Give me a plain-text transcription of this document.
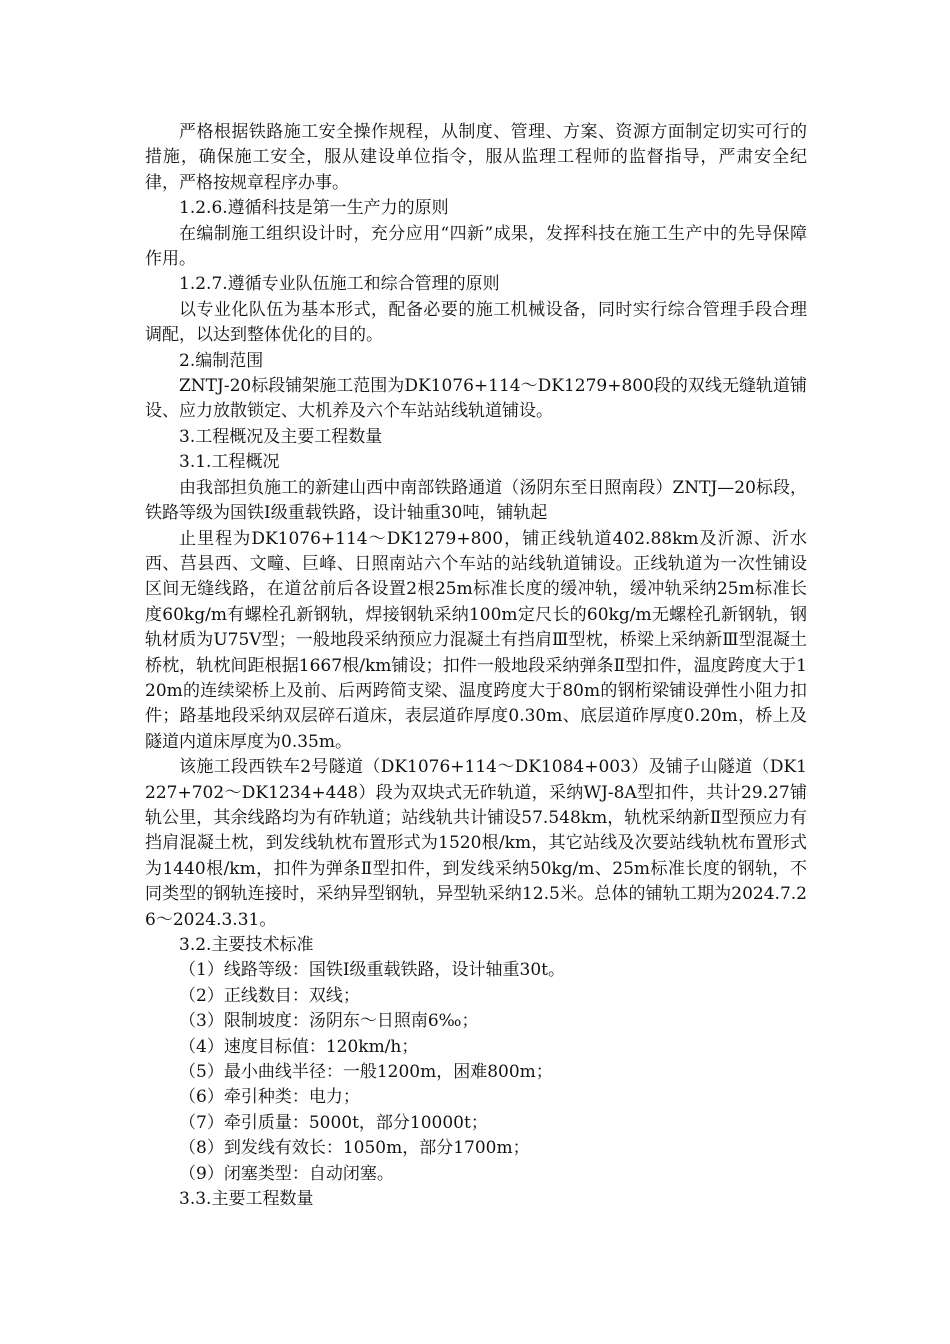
严格根据铁路施工安全操作规程，从制度、管理、方案、资源方面制定切实可行的措施，确保施工安全，服从建设单位指令，服从监理工程师的监督指导，严肃安全纪律，严格按规章程序办事。

1.2.6.遵循科技是第一生产力的原则

在编制施工组织设计时，充分应用“四新”成果，发挥科技在施工生产中的先导保障作用。

1.2.7.遵循专业队伍施工和综合管理的原则

以专业化队伍为基本形式，配备必要的施工机械设备，同时实行综合管理手段合理调配，以达到整体优化的目的。

2.编制范围

ZNTJ-20标段铺架施工范围为DK1076+114～DK1279+800段的双线无缝轨道铺设、应力放散锁定、大机养及六个车站站线轨道铺设。

3.工程概况及主要工程数量

3.1.工程概况

由我部担负施工的新建山西中南部铁路通道（汤阴东至日照南段）ZNTJ—20标段，铁路等级为国铁Ⅰ级重载铁路，设计轴重30吨，铺轨起

止里程为DK1076+114～DK1279+800，铺正线轨道402.88km及沂源、沂水西、莒县西、文疃、巨峰、日照南站六个车站的站线轨道铺设。正线轨道为一次性铺设区间无缝线路，在道岔前后各设置2根25m标准长度的缓冲轨，缓冲轨采纳25m标准长度60kg/m有螺栓孔新钢轨，焊接钢轨采纳100m定尺长的60kg/m无螺栓孔新钢轨，钢轨材质为U75V型；一般地段采纳预应力混凝土有挡肩Ⅲ型枕，桥梁上采纳新Ⅲ型混凝土桥枕，轨枕间距根据1667根/km铺设；扣件一般地段采纳弹条Ⅱ型扣件，温度跨度大于120m的连续梁桥上及前、后两跨简支梁、温度跨度大于80m的钢桁梁铺设弹性小阻力扣件；路基地段采纳双层碎石道床，表层道砟厚度0.30m、底层道砟厚度0.20m，桥上及隧道内道床厚度为0.35m。

该施工段西铁车2号隧道（DK1076+114～DK1084+003）及铺子山隧道（DK1227+702～DK1234+448）段为双块式无砟轨道，采纳WJ-8A型扣件，共计29.27铺轨公里，其余线路均为有砟轨道；站线轨共计铺设57.548km，轨枕采纳新Ⅱ型预应力有挡肩混凝土枕，到发线轨枕布置形式为1520根/km，其它站线及次要站线轨枕布置形式为1440根/km，扣件为弹条Ⅱ型扣件，到发线采纳50kg/m、25m标准长度的钢轨，不同类型的钢轨连接时，采纳异型钢轨，异型轨采纳12.5米。总体的铺轨工期为2024.7.26～2024.3.31。

3.2.主要技术标准

（1）线路等级：国铁I级重载铁路，设计轴重30t。

（2）正线数目：双线；

（3）限制坡度：汤阴东～日照南6‰；

（4）速度目标值：120km/h；

（5）最小曲线半径：一般1200m，困难800m；

（6）牵引种类：电力；

（7）牵引质量：5000t，部分10000t；

（8）到发线有效长：1050m，部分1700m；

（9）闭塞类型：自动闭塞。

3.3.主要工程数量
